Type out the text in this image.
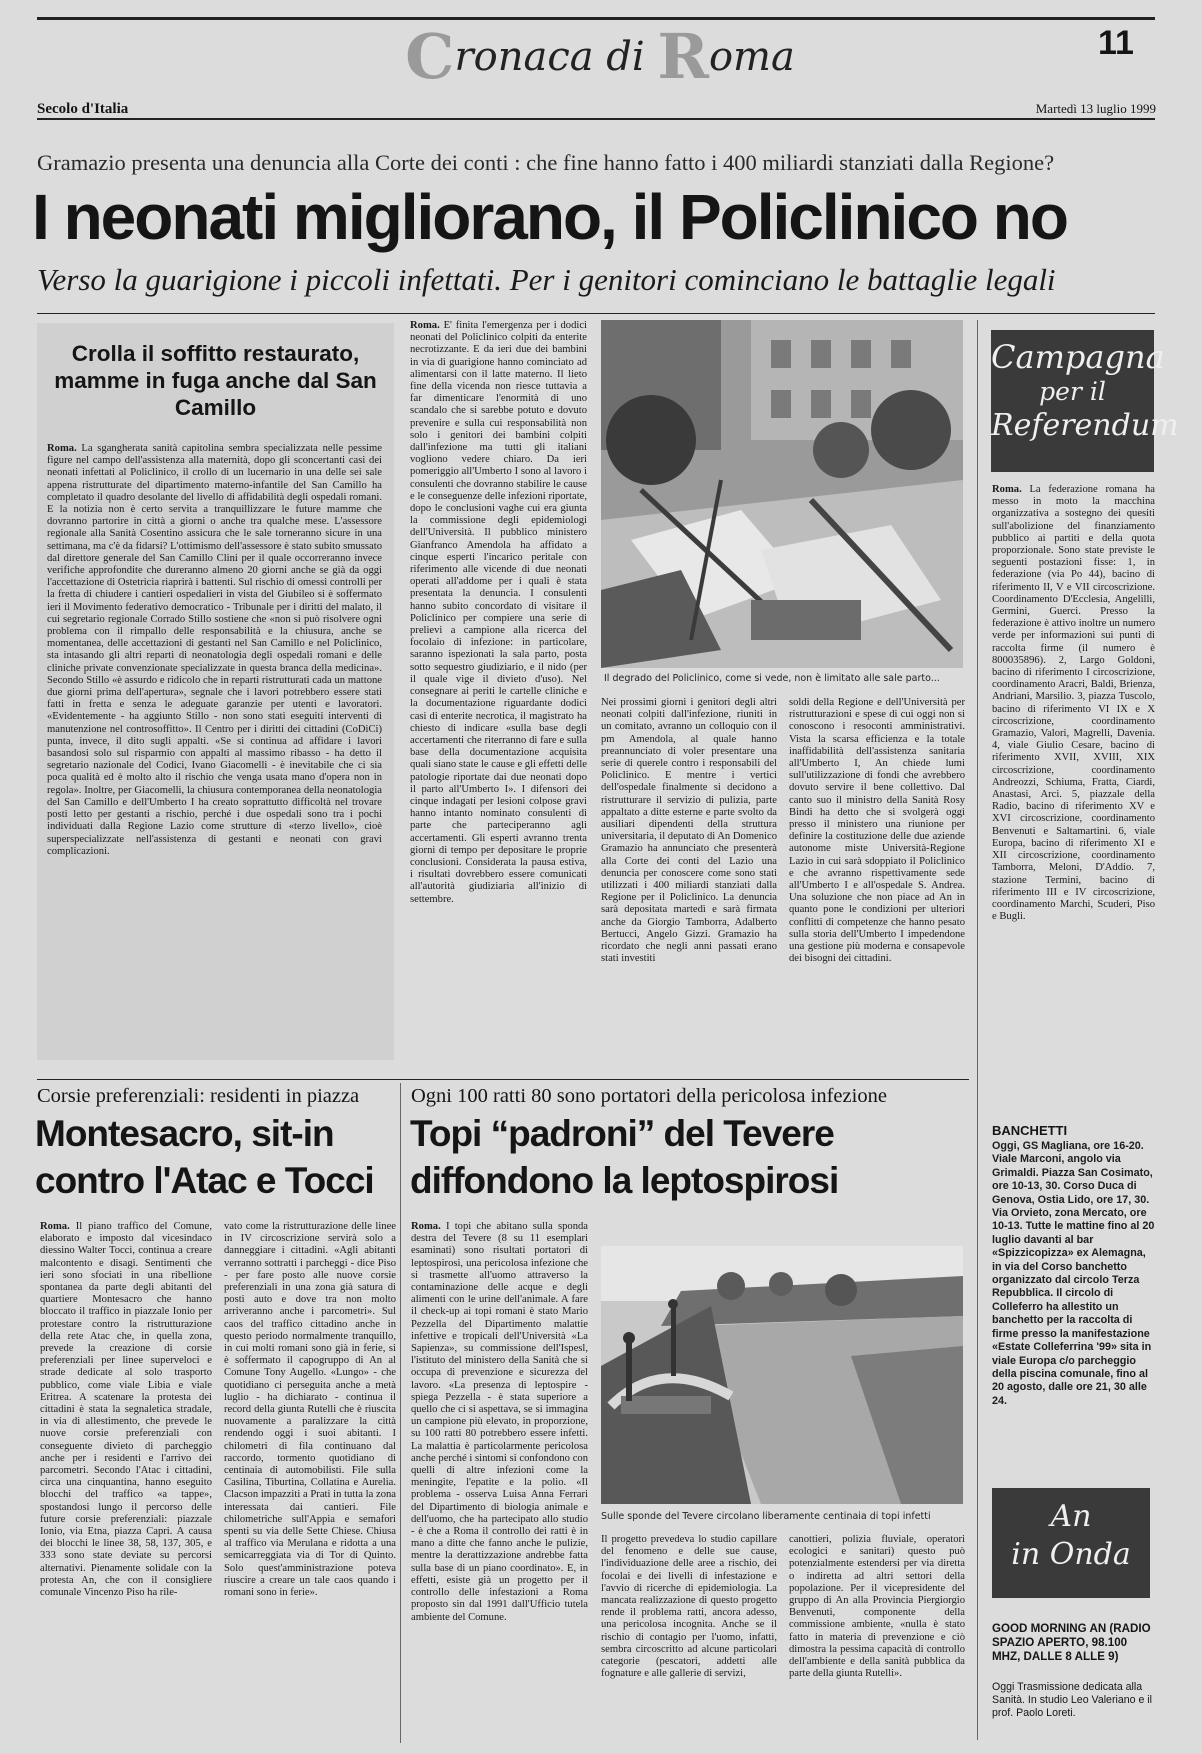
Cronaca di Roma	11
Secolo d'Italia	Martedì 13 luglio 1999
Gramazio presenta una denuncia alla Corte dei conti : che fine hanno fatto i 400 miliardi stanziati dalla Regione?
I neonati migliorano, il Policlinico no
Verso la guarigione i piccoli infettati. Per i genitori cominciano le battaglie legali
Crolla il soffitto restaurato, mamme in fuga anche dal San Camillo
Roma. La sgangherata sanità capitolina sembra specializzata nelle pessime figure nel campo dell'assistenza alla maternità, dopo gli sconcertanti casi dei neonati infettati al Policlinico, il crollo di un lucernario in una delle sei sale appena ristrutturate del dipartimento materno-infantile del San Camillo ha completato il quadro desolante del livello di affidabilità degli ospedali romani. E la notizia non è certo servita a tranquillizzare le future mamme che dovranno partorire in città a giorni o anche tra qualche mese. L'assessore regionale alla Sanità Cosentino assicura che le sale torneranno sicure in una settimana, ma c'è da fidarsi? L'ottimismo dell'assessore è stato subito smussato dal direttore generale del San Camillo Clini per il quale occorreranno invece verifiche approfondite che dureranno almeno 20 giorni anche se già da oggi l'accettazione di Ostetricia riaprirà i battenti. Sul rischio di omessi controlli per la fretta di chiudere i cantieri ospedalieri in vista del Giubileo si è soffermato ieri il Movimento federativo democratico - Tribunale per i diritti del malato, il cui segretario regionale Corrado Stillo sostiene che «non si può risolvere ogni problema con il rimpallo delle responsabilità e la chiusura, anche se momentanea, delle accettazioni di gestanti nel San Camillo e nel Policlinico, sta intasando gli altri reparti di neonatologia degli ospedali romani e delle cliniche private convenzionate specializzate in questa branca della medicina». Secondo Stillo «è assurdo e ridicolo che in reparti ristrutturati cada un mattone due giorni prima dell'apertura», segnale che i lavori potrebbero essere stati fatti in fretta e senza le adeguate garanzie per utenti e lavoratori. «Evidentemente - ha aggiunto Stillo - non sono stati eseguiti interventi di manutenzione nel controsoffitto». Il Centro per i diritti dei cittadini (CoDiCi) punta, invece, il dito sugli appalti. «Se si continua ad affidare i lavori basandosi solo sul risparmio con appalti al massimo ribasso - ha detto il segretario nazionale del Codici, Ivano Giacomelli - è inevitabile che ci sia poca qualità ed è molto alto il rischio che venga usata mano d'opera non in regola». Inoltre, per Giacomelli, la chiusura contemporanea della neonatologia del San Camillo e dell'Umberto I ha creato soprattutto difficoltà nel trovare posti letto per gestanti a rischio, perché i due ospedali sono tra i pochi individuati dalla Regione Lazio come strutture di «terzo livello», cioè superspecializzate nell'assistenza di gestanti e neonati con gravi complicazioni.
Roma. E' finita l'emergenza per i dodici neonati del Policlinico colpiti da enterite necrotizzante. E da ieri due dei bambini in via di guarigione hanno cominciato ad alimentarsi con il latte materno. Il lieto fine della vicenda non riesce tuttavia a far dimenticare l'enormità di uno scandalo che si sarebbe potuto e dovuto prevenire e sulla cui responsabilità non solo i genitori dei bambini colpiti dall'infezione ma tutti gli italiani vogliono vedere chiaro. Da ieri pomeriggio all'Umberto I sono al lavoro i consulenti che dovranno stabilire le cause e le conseguenze delle infezioni riportate, dopo le conclusioni vaghe cui era giunta la commissione degli epidemiologi dell'Università. Il pubblico ministero Gianfranco Amendola ha affidato a cinque esperti l'incarico peritale con riferimento alle vicende di due neonati operati all'addome per i quali è stata presentata la denuncia. I consulenti hanno subito concordato di visitare il Policlinico per compiere una serie di prelievi a campione alla ricerca del focolaio di infezione: in particolare, saranno ispezionati la sala parto, posta sotto sequestro giudiziario, e il nido (per il quale vige il divieto d'uso). Nel consegnare ai periti le cartelle cliniche e la documentazione riguardante dodici casi di enterite necrotica, il magistrato ha chiesto di indicare «sulla base degli accertamenti che riterranno di fare e sulla base della documentazione acquisita quali siano state le cause e gli effetti delle patologie riportate dai due neonati dopo il parto all'Umberto I». I difensori dei cinque indagati per lesioni colpose gravi hanno intanto nominato consulenti di parte che parteciperanno agli accertamenti. Gli esperti avranno trenta giorni di tempo per depositare le proprie conclusioni. Considerata la pausa estiva, i risultati dovrebbero essere comunicati all'autorità giudiziaria all'inizio di settembre.
Il degrado del Policlinico, come si vede, non è limitato alle sale parto...
Nei prossimi giorni i genitori degli altri neonati colpiti dall'infezione, riuniti in un comitato, avranno un colloquio con il pm Amendola, al quale hanno preannunciato di voler presentare una serie di querele contro i responsabili del Policlinico. E mentre i vertici dell'ospedale finalmente si decidono a ristrutturare il servizio di pulizia, parte appaltato a ditte esterne e parte svolto da ausiliari dipendenti della struttura universitaria, il deputato di An Domenico Gramazio ha annunciato che presenterà alla Corte dei conti del Lazio una denuncia per conoscere come sono stati utilizzati i 400 miliardi stanziati dalla Regione per il Policlinico. La denuncia sarà depositata martedì e sarà firmata anche da Giorgio Tamborra, Adalberto Bertucci, Angelo Gizzi. Gramazio ha ricordato che negli anni passati erano stati investiti
soldi della Regione e dell'Università per ristrutturazioni e spese di cui oggi non si conoscono i resoconti amministrativi. Vista la scarsa efficienza e la totale inaffidabilità dell'assistenza sanitaria all'Umberto I, An chiede lumi sull'utilizzazione di fondi che avrebbero dovuto servire il bene collettivo. Dal canto suo il ministro della Sanità Rosy Bindi ha detto che si svolgerà oggi presso il ministero una riunione per definire la costituzione delle due aziende autonome miste Università-Regione Lazio in cui sarà sdoppiato il Policlinico e che avranno rispettivamente sede all'Umberto I e all'ospedale S. Andrea. Una soluzione che non piace ad An in quanto pone le condizioni per ulteriori conflitti di competenze che hanno pesato sulla storia dell'Umberto I impedendone una gestione più moderna e consapevole dei bisogni dei cittadini.
Campagna
per il
Referendum
Roma. La federazione romana ha messo in moto la macchina organizzativa a sostegno dei quesiti sull'abolizione del finanziamento pubblico ai partiti e della quota proporzionale. Sono state previste le seguenti postazioni fisse: 1, in federazione (via Po 44), bacino di riferimento II, V e VII circoscrizione. Coordinamento D'Ecclesia, Angelilli, Germini, Guerci. Presso la federazione è attivo inoltre un numero verde per informazioni sui punti di raccolta firme (il numero è 800035896). 2, Largo Goldoni, bacino di riferimento I circoscrizione, coordinamento Aracri, Baldi, Brienza, Andriani, Marsilio. 3, piazza Tuscolo, bacino di riferimento VI IX e X circoscrizione, coordinamento Gramazio, Valori, Magrelli, Davenia. 4, viale Giulio Cesare, bacino di riferimento XVII, XVIII, XIX circoscrizione, coordinamento Andreozzi, Schiuma, Fratta, Ciardi, Anastasi, Arci. 5, piazzale della Radio, bacino di riferimento XV e XVI circoscrizione, coordinamento Benvenuti e Saltamartini. 6, viale Europa, bacino di riferimento XI e XII circoscrizione, coordinamento Tamborra, Meloni, D'Addio. 7, stazione Termini, bacino di riferimento III e IV circoscrizione, coordinamento Marchi, Scuderi, Piso e Bugli.
BANCHETTI
Oggi, GS Magliana, ore 16-20. Viale Marconi, angolo via Grimaldi. Piazza San Cosimato, ore 10-13, 30. Corso Duca di Genova, Ostia Lido, ore 17, 30. Via Orvieto, zona Mercato, ore 10-13. Tutte le mattine fino al 20 luglio davanti al bar «Spizzicopizza» ex Alemagna, in via del Corso banchetto organizzato dal circolo Terza Repubblica. Il circolo di Colleferro ha allestito un banchetto per la raccolta di firme presso la manifestazione «Estate Colleferrina '99» sita in viale Europa c/o parcheggio della piscina comunale, fino al 20 agosto, dalle ore 21, 30 alle 24.
An
in Onda
GOOD MORNING AN (RADIO SPAZIO APERTO, 98.100 MHZ, DALLE 8 ALLE 9)
Oggi Trasmissione dedicata alla Sanità. In studio Leo Valeriano e il prof. Paolo Loreti.
Corsie preferenziali: residenti in piazza
Montesacro, sit-in contro l'Atac e Tocci
Roma. Il piano traffico del Comune, elaborato e imposto dal vicesindaco diessino Walter Tocci, continua a creare malcontento e disagi. Sentimenti che ieri sono sfociati in una ribellione spontanea da parte degli abitanti del quartiere Montesacro che hanno bloccato il traffico in piazzale Ionio per protestare contro la ristrutturazione della rete Atac che, in quella zona, prevede la creazione di corsie preferenziali per linee superveloci e strade dedicate al solo trasporto pubblico, come viale Libia e viale Eritrea. A scatenare la protesta dei cittadini è stata la segnaletica stradale, in via di allestimento, che prevede le nuove corsie preferenziali con conseguente divieto di parcheggio anche per i residenti e l'arrivo dei parcometri. Secondo l'Atac i cittadini, circa una cinquantina, hanno eseguito blocchi del traffico «a tappe», spostandosi lungo il percorso delle future corsie preferenziali: piazzale Ionio, via Etna, piazza Capri. A causa dei blocchi le linee 38, 58, 137, 305, e 333 sono state deviate su percorsi alternativi. Pienamente solidale con la protesta An, che con il consigliere comunale Vincenzo Piso ha rile-
vato come la ristrutturazione delle linee in IV circoscrizione servirà solo a danneggiare i cittadini. «Agli abitanti verranno sottratti i parcheggi - dice Piso - per fare posto alle nuove corsie preferenziali in una zona già satura di posti auto e dove tra non molto arriveranno anche i parcometri». Sul caos del traffico cittadino anche in questo periodo normalmente tranquillo, in cui molti romani sono già in ferie, si è soffermato il capogruppo di An al Comune Tony Augello. «Lungo» - che quotidiano ci perseguita anche a metà luglio - ha dichiarato - continua il record della giunta Rutelli che è riuscita nuovamente a paralizzare la città rendendo oggi i suoi abitanti. I chilometri di fila continuano dal raccordo, tormento quotidiano di centinaia di automobilisti. File sulla Casilina, Tiburtina, Collatina e Aurelia. Clacson impazziti a Prati in tutta la zona interessata dai cantieri. File chilometriche sull'Appia e semafori spenti su via delle Sette Chiese. Chiusa al traffico via Merulana e ridotta a una semicarreggiata via di Tor di Quinto. Solo quest'amministrazione poteva riuscire a creare un tale caos quando i romani sono in ferie».
Ogni 100 ratti 80 sono portatori della pericolosa infezione
Topi “padroni” del Tevere diffondono la leptospirosi
Roma. I topi che abitano sulla sponda destra del Tevere (8 su 11 esemplari esaminati) sono risultati portatori di leptospirosi, una pericolosa infezione che si trasmette all'uomo attraverso la contaminazione delle acque e degli alimenti con le urine dell'animale. A fare il check-up ai topi romani è stato Mario Pezzella del Dipartimento malattie infettive e tropicali dell'Università «La Sapienza», su commissione dell'Ispesl, l'istituto del ministero della Sanità che si occupa di prevenzione e sicurezza del lavoro. «La presenza di leptospire - spiega Pezzella - è stata superiore a quello che ci si aspettava, se si immagina un campione più elevato, in proporzione, su 100 ratti 80 potrebbero essere infetti. La malattia è particolarmente pericolosa anche perché i sintomi si confondono con quelli di altre infezioni come la meningite, l'epatite e la polio. «Il problema - osserva Luisa Anna Ferrari del Dipartimento di biologia animale e dell'uomo, che ha partecipato allo studio - è che a Roma il controllo dei ratti è in mano a ditte che fanno anche le pulizie, mentre la derattizzazione andrebbe fatta sulla base di un piano coordinato». E, in effetti, esiste già un progetto per il controllo delle infestazioni a Roma proposto sin dal 1991 dall'Ufficio tutela ambiente del Comune.
Sulle sponde del Tevere circolano liberamente centinaia di topi infetti
Il progetto prevedeva lo studio capillare del fenomeno e delle sue cause, l'individuazione delle aree a rischio, dei focolai e dei livelli di infestazione e l'avvio di ricerche di epidemiologia. La mancata realizzazione di questo progetto rende il problema ratti, ancora adesso, una pericolosa incognita. Anche se il rischio di contagio per l'uomo, infatti, sembra circoscritto ad alcune particolari categorie (pescatori, addetti alle fognature e alle gallerie di servizi,
canottieri, polizia fluviale, operatori ecologici e sanitari) questo può potenzialmente estendersi per via diretta o indiretta ad altri settori della popolazione. Per il vicepresidente del gruppo di An alla Provincia Piergiorgio Benvenuti, componente della commissione ambiente, «nulla è stato fatto in materia di prevenzione e ciò dimostra la pessima capacità di controllo dell'ambiente e della sanità pubblica da parte della giunta Rutelli».
